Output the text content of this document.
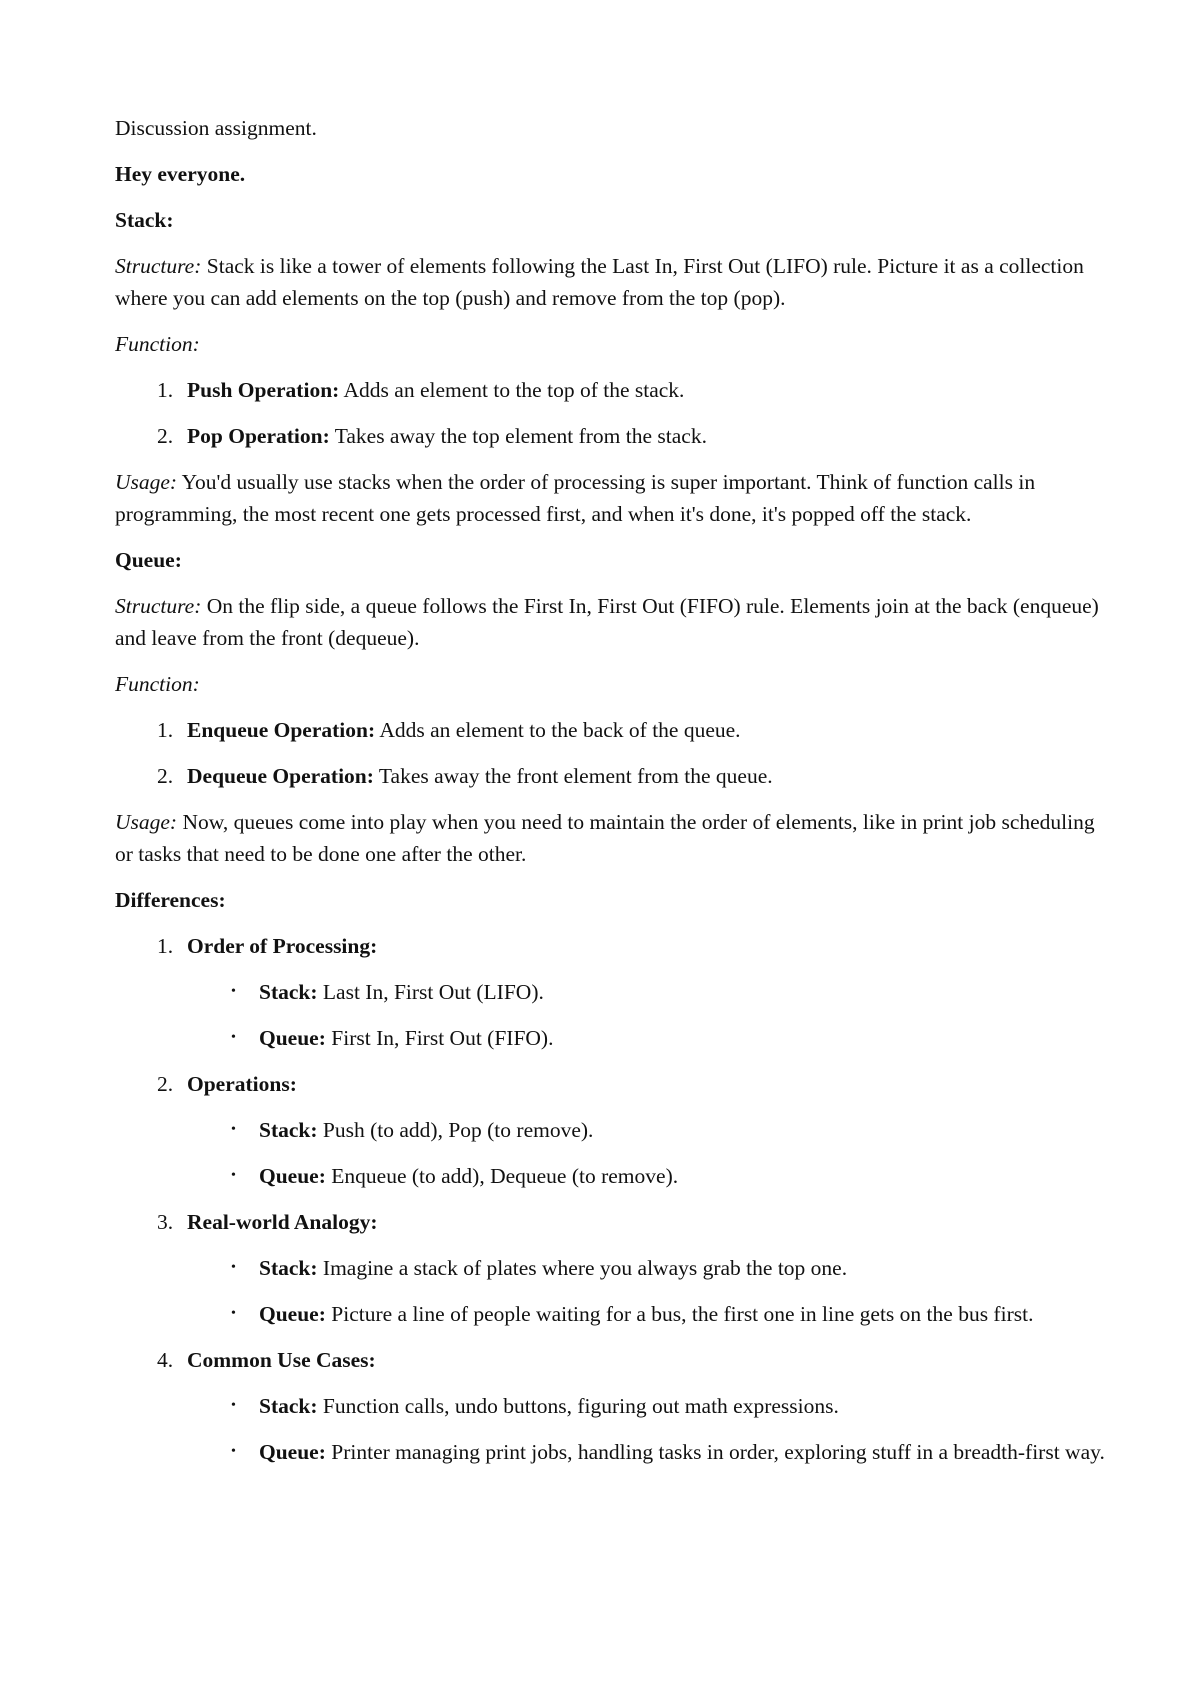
Discussion assignment.

Hey everyone.

Stack:

Structure: Stack is like a tower of elements following the Last In, First Out (LIFO) rule. Picture it as a collection where you can add elements on the top (push) and remove from the top (pop).

Function:

1. Push Operation: Adds an element to the top of the stack.
2. Pop Operation: Takes away the top element from the stack.

Usage: You'd usually use stacks when the order of processing is super important. Think of function calls in programming, the most recent one gets processed first, and when it's done, it's popped off the stack.

Queue:

Structure: On the flip side, a queue follows the First In, First Out (FIFO) rule. Elements join at the back (enqueue) and leave from the front (dequeue).

Function:

1. Enqueue Operation: Adds an element to the back of the queue.
2. Dequeue Operation: Takes away the front element from the queue.

Usage: Now, queues come into play when you need to maintain the order of elements, like in print job scheduling or tasks that need to be done one after the other.

Differences:

1. Order of Processing:
• Stack: Last In, First Out (LIFO).
• Queue: First In, First Out (FIFO).
2. Operations:
• Stack: Push (to add), Pop (to remove).
• Queue: Enqueue (to add), Dequeue (to remove).
3. Real-world Analogy:
• Stack: Imagine a stack of plates where you always grab the top one.
• Queue: Picture a line of people waiting for a bus, the first one in line gets on the bus first.
4. Common Use Cases:
• Stack: Function calls, undo buttons, figuring out math expressions.
• Queue: Printer managing print jobs, handling tasks in order, exploring stuff in a breadth-first way.
